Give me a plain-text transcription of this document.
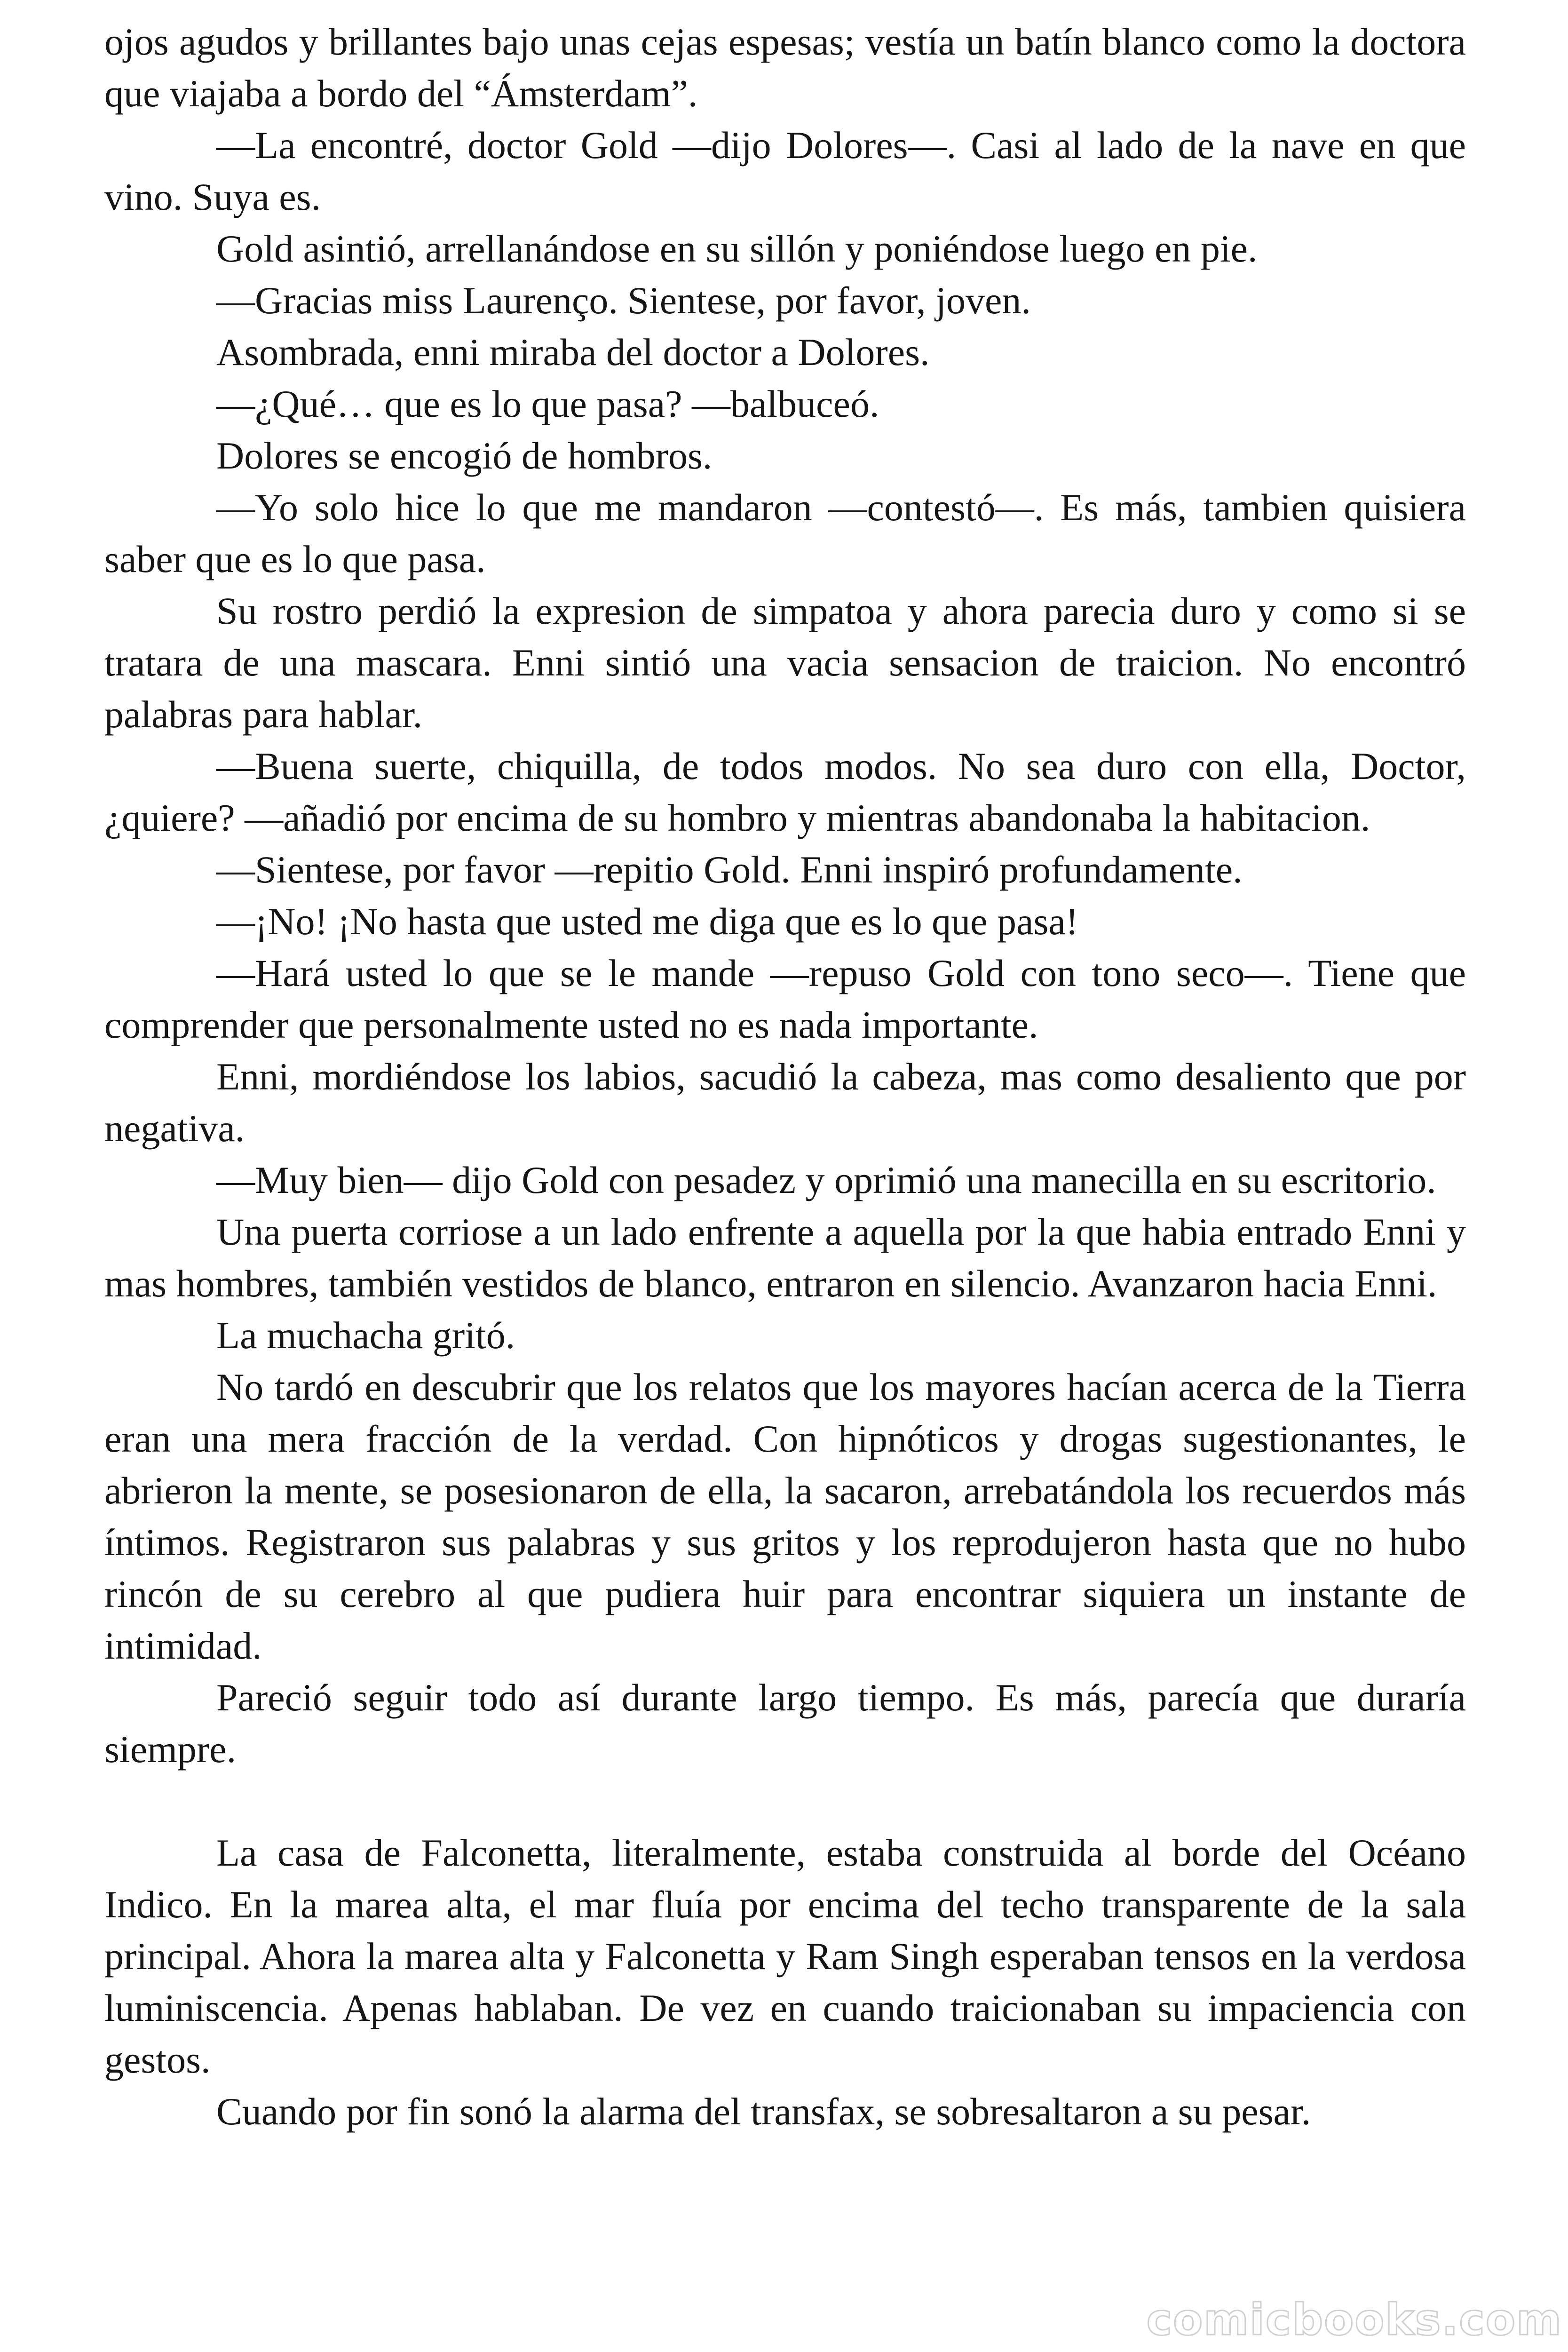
ojos agudos y brillantes bajo unas cejas espesas; vestía un batín blanco como la doctora que viajaba a bordo del “Ámsterdam”.

—La encontré, doctor Gold —dijo Dolores—. Casi al lado de la nave en que vino. Suya es.

Gold asintió, arrellanándose en su sillón y poniéndose luego en pie.

—Gracias miss Laurenço. Sientese, por favor, joven.

Asombrada, enni miraba del doctor a Dolores.

—¿Qué… que es lo que pasa? —balbuceó.

Dolores se encogió de hombros.

—Yo solo hice lo que me mandaron —contestó—. Es más, tambien quisiera saber que es lo que pasa.

Su rostro perdió la expresion de simpatoa y ahora parecia duro y como si se tratara de una mascara. Enni sintió una vacia sensacion de traicion. No encontró palabras para hablar.

—Buena suerte, chiquilla, de todos modos. No sea duro con ella, Doctor, ¿quiere? —añadió por encima de su hombro y mientras abandonaba la habitacion.

—Sientese, por favor —repitio Gold. Enni inspiró profundamente.

—¡No! ¡No hasta que usted me diga que es lo que pasa!

—Hará usted lo que se le mande —repuso Gold con tono seco—. Tiene que comprender que personalmente usted no es nada importante.

Enni, mordiéndose los labios, sacudió la cabeza, mas como desaliento que por negativa.

—Muy bien— dijo Gold con pesadez y oprimió una manecilla en su escritorio.

Una puerta corriose a un lado enfrente a aquella por la que habia entrado Enni y mas hombres, también vestidos de blanco, entraron en silencio. Avanzaron hacia Enni.

La muchacha gritó.

No tardó en descubrir que los relatos que los mayores hacían acerca de la Tierra eran una mera fracción de la verdad. Con hipnóticos y drogas sugestionantes, le abrieron la mente, se posesionaron de ella, la sacaron, arrebatándola los recuerdos más íntimos. Registraron sus palabras y sus gritos y los reprodujeron hasta que no hubo rincón de su cerebro al que pudiera huir para encontrar siquiera un instante de intimidad.

Pareció seguir todo así durante largo tiempo. Es más, parecía que duraría siempre.

La casa de Falconetta, literalmente, estaba construida al borde del Océano Indico. En la marea alta, el mar fluía por encima del techo transparente de la sala principal. Ahora la marea alta y Falconetta y Ram Singh esperaban tensos en la verdosa luminiscencia. Apenas hablaban. De vez en cuando traicionaban su impaciencia con gestos.

Cuando por fin sonó la alarma del transfax, se sobresaltaron a su pesar.

comicbooks.com
